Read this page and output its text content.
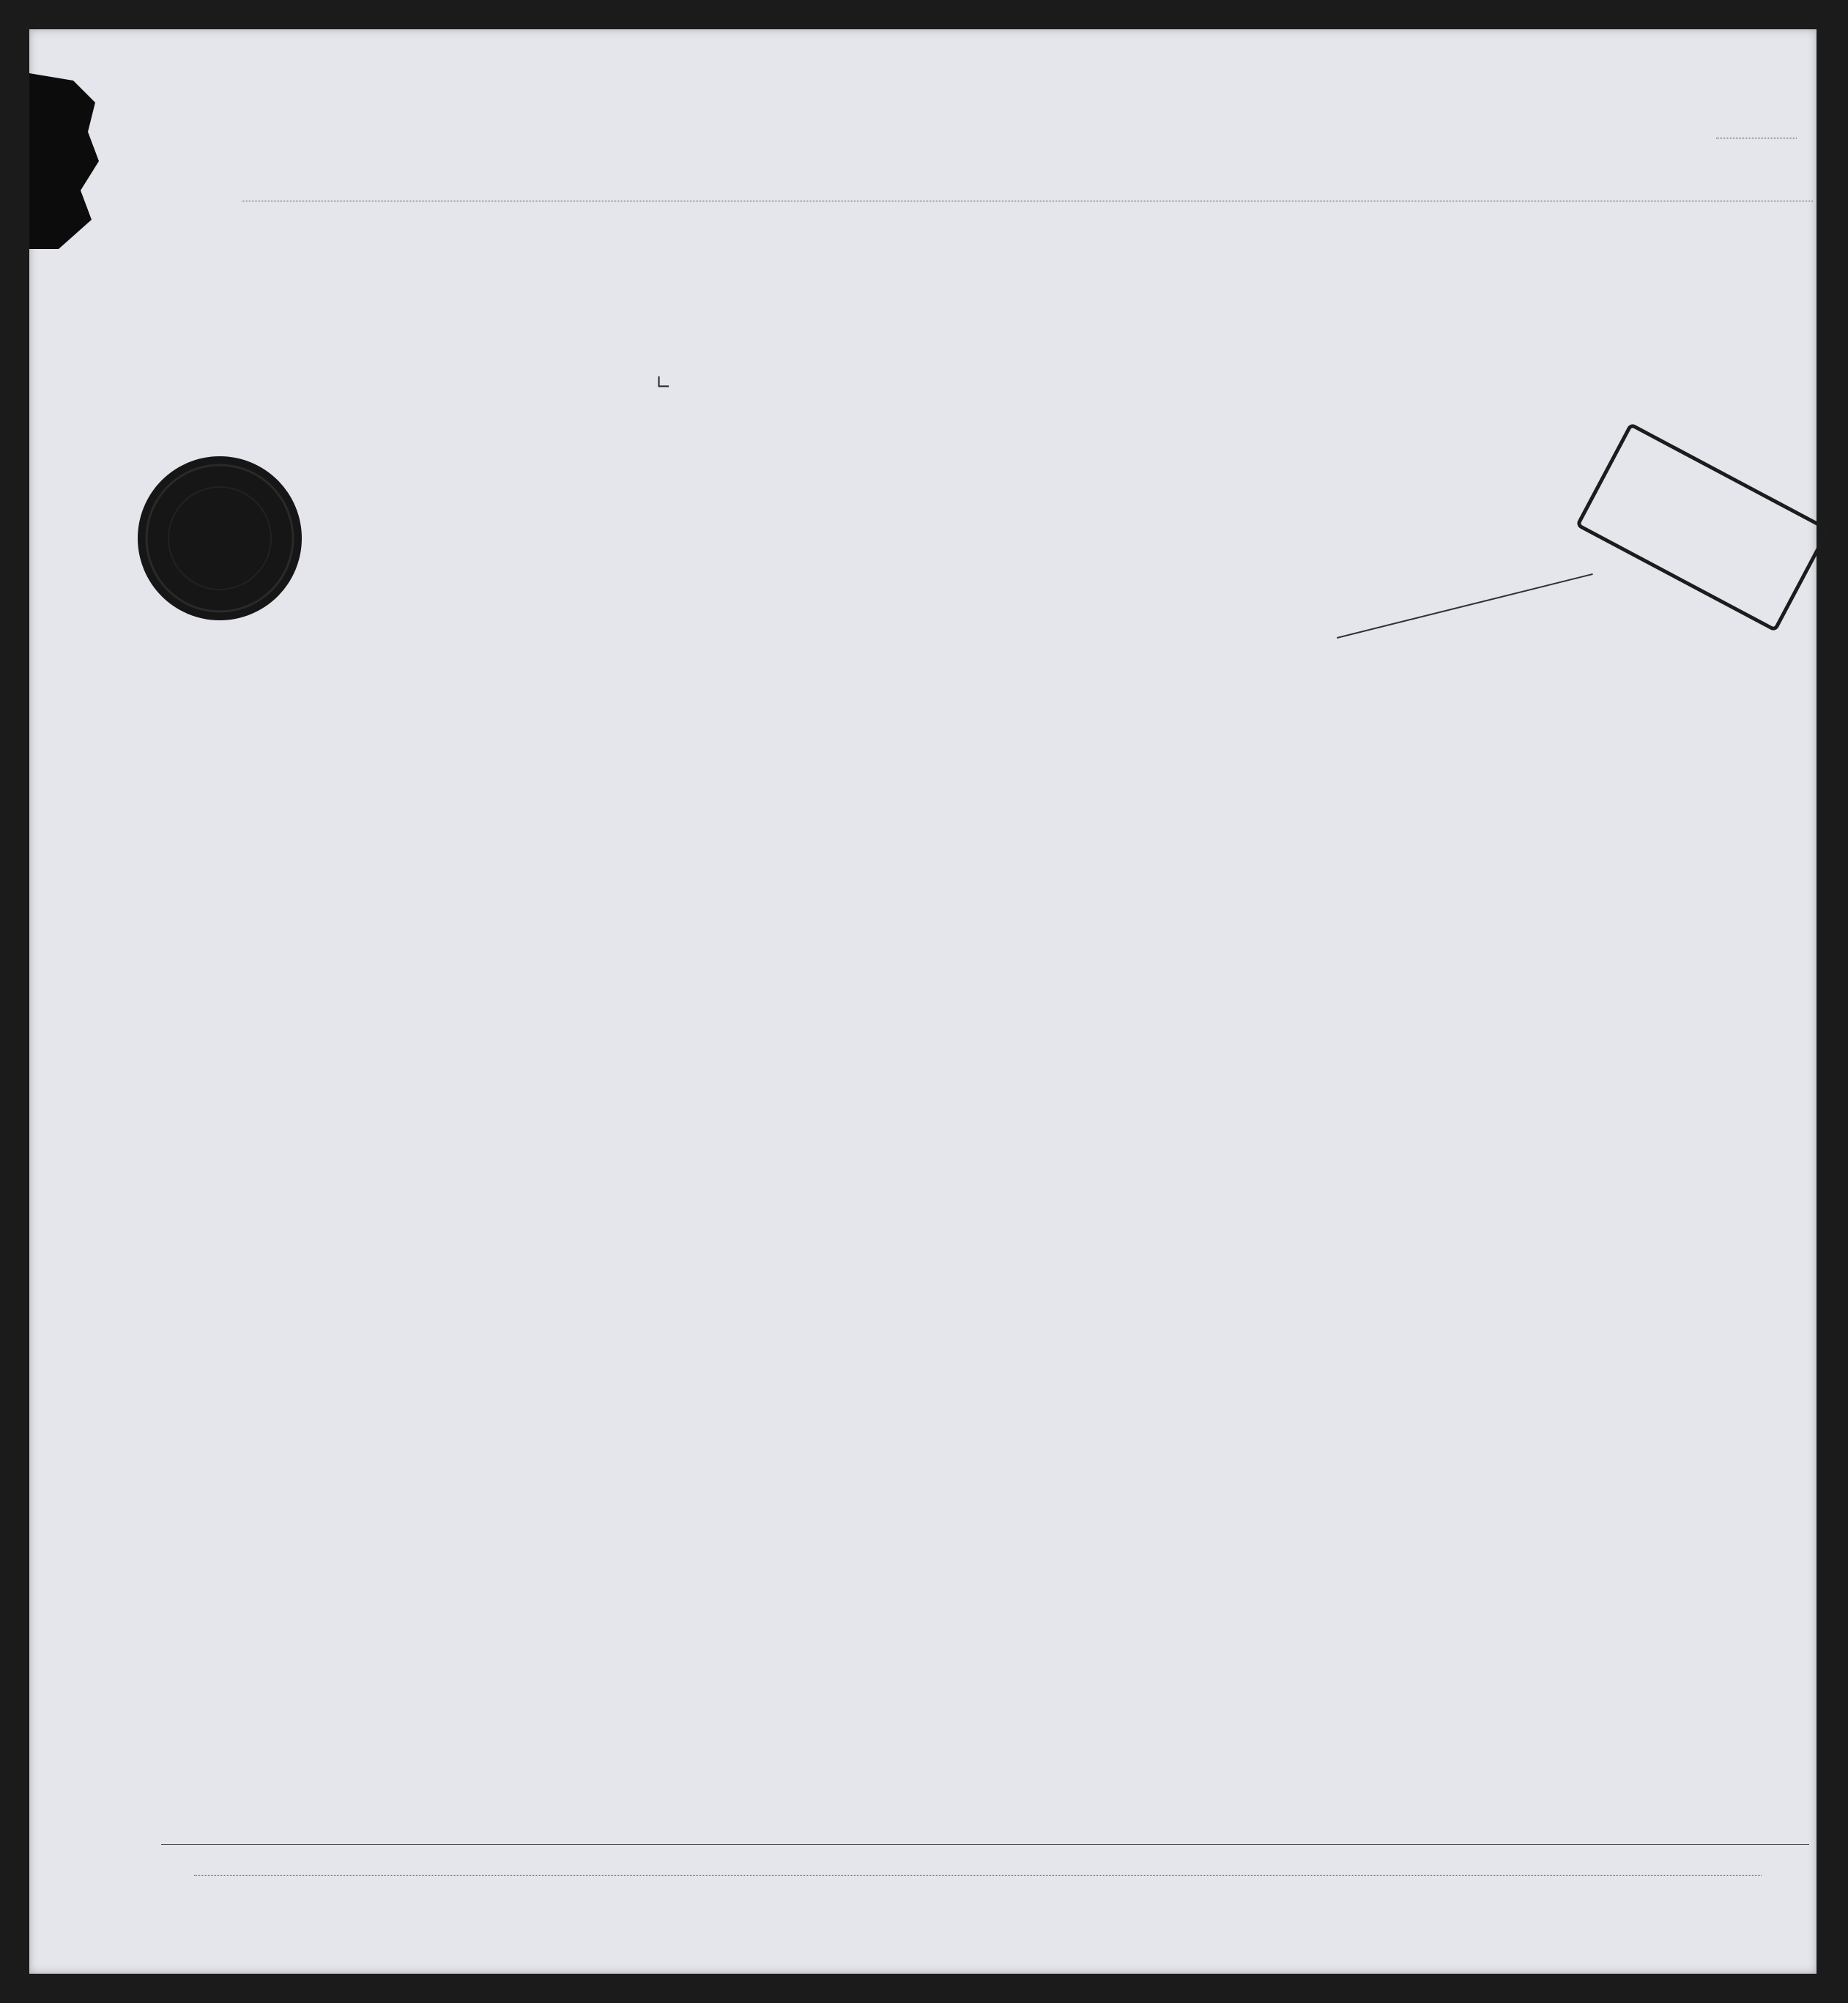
∟
